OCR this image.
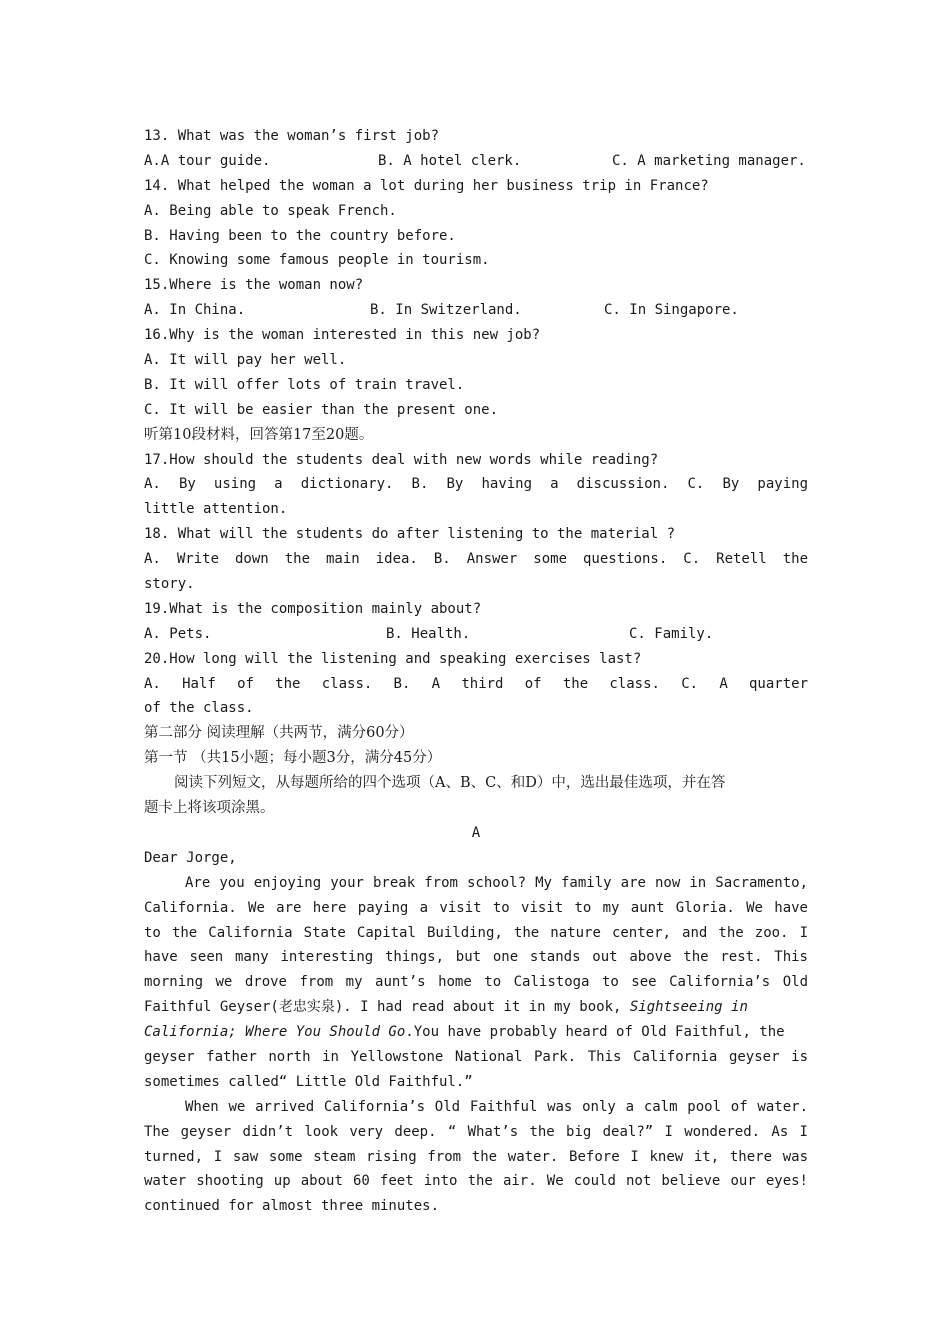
13. What was the woman’s first job?
A.A tour guide.	B. A hotel clerk.	C. A marketing manager.
14. What helped the woman a lot during her business trip in France?
A. Being able to speak French.
B. Having been to the country before.
C. Knowing some famous people in tourism.
15.Where is the woman now?
A. In China.	B. In Switzerland.	C. In Singapore.
16.Why is the woman interested in this new job?
A. It will pay her well.
B. It will offer lots of train travel.
C. It will be easier than the present one.
听第10段材料，回答第17至20题。
17.How should the students deal with new words while reading?
A. By using a dictionary. B. By having a discussion. C. By paying
little attention.
18. What will the students do after listening to the material ?
A. Write down the main idea. B. Answer some questions. C. Retell the
story.
19.What is the composition mainly about?
A. Pets.	B. Health.	C. Family.
20.How long will the listening and speaking exercises last?
A. Half of the class. B. A third of the class. C. A quarter
of the class.
第二部分 阅读理解（共两节，满分60分）
第一节 （共15小题；每小题3分，满分45分）
阅读下列短文，从每题所给的四个选项（A、B、C、和D）中，选出最佳选项，并在答
题卡上将该项涂黑。
A
Dear Jorge,
Are you enjoying your break from school? My family are now in Sacramento,
California. We are here paying a visit to visit to my aunt Gloria. We have
to the California State Capital Building, the nature center, and the zoo. I
have seen many interesting things, but one stands out above the rest. This
morning we drove from my aunt’s home to Calistoga to see California’s Old
Faithful Geyser(老忠实泉). I had read about it in my book, Sightseeing in
California; Where You Should Go.You have probably heard of Old Faithful, the
geyser father north in Yellowstone National Park. This California geyser is
sometimes called“ Little Old Faithful.”
When we arrived California’s Old Faithful was only a calm pool of water.
The geyser didn’t look very deep. “ What’s the big deal?” I wondered. As I
turned, I saw some steam rising from the water. Before I knew it, there was
water shooting up about 60 feet into the air. We could not believe our eyes!
continued for almost three minutes.
